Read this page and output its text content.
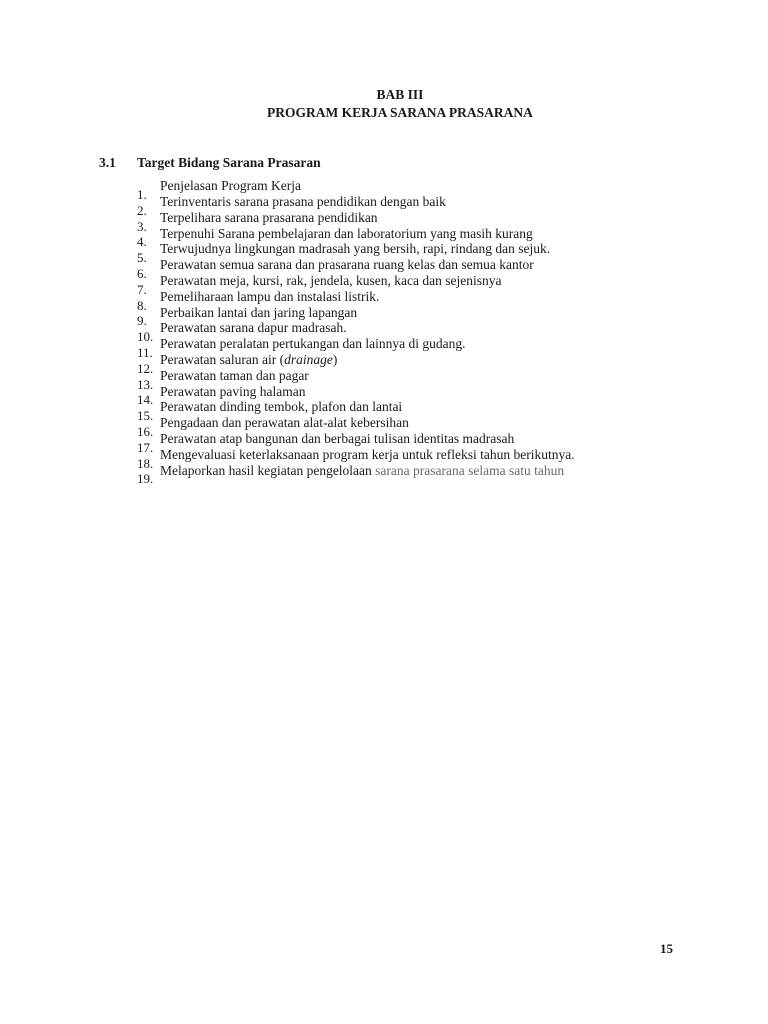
BAB III
PROGRAM KERJA SARANA PRASARANA
3.1 Target Bidang Sarana Prasaran
Penjelasan Program Kerja
1.
2.
3.
4.
5.
6.
7.
8.
9.
10.
11.
12.
13.
14.
15.
16.
17.
18.
19.
Terinventaris sarana prasana pendidikan dengan baik
Terpelihara sarana prasarana pendidikan
Terpenuhi Sarana pembelajaran dan laboratorium yang masih kurang
Terwujudnya lingkungan madrasah yang bersih, rapi, rindang dan sejuk.
Perawatan semua sarana dan prasarana ruang kelas dan semua kantor
Perawatan meja, kursi, rak, jendela, kusen, kaca dan sejenisnya
Pemeliharaan lampu dan instalasi listrik.
Perbaikan lantai dan jaring lapangan
Perawatan sarana dapur madrasah.
Perawatan peralatan pertukangan dan lainnya di gudang.
Perawatan saluran air (drainage)
Perawatan taman dan pagar
Perawatan paving halaman
Perawatan dinding tembok, plafon dan lantai
Pengadaan dan perawatan alat-alat kebersihan
Perawatan atap bangunan dan berbagai tulisan identitas madrasah
Mengevaluasi keterlaksanaan program kerja untuk refleksi tahun berikutnya.
Melaporkan hasil kegiatan pengelolaan sarana prasarana selama satu tahun
15
